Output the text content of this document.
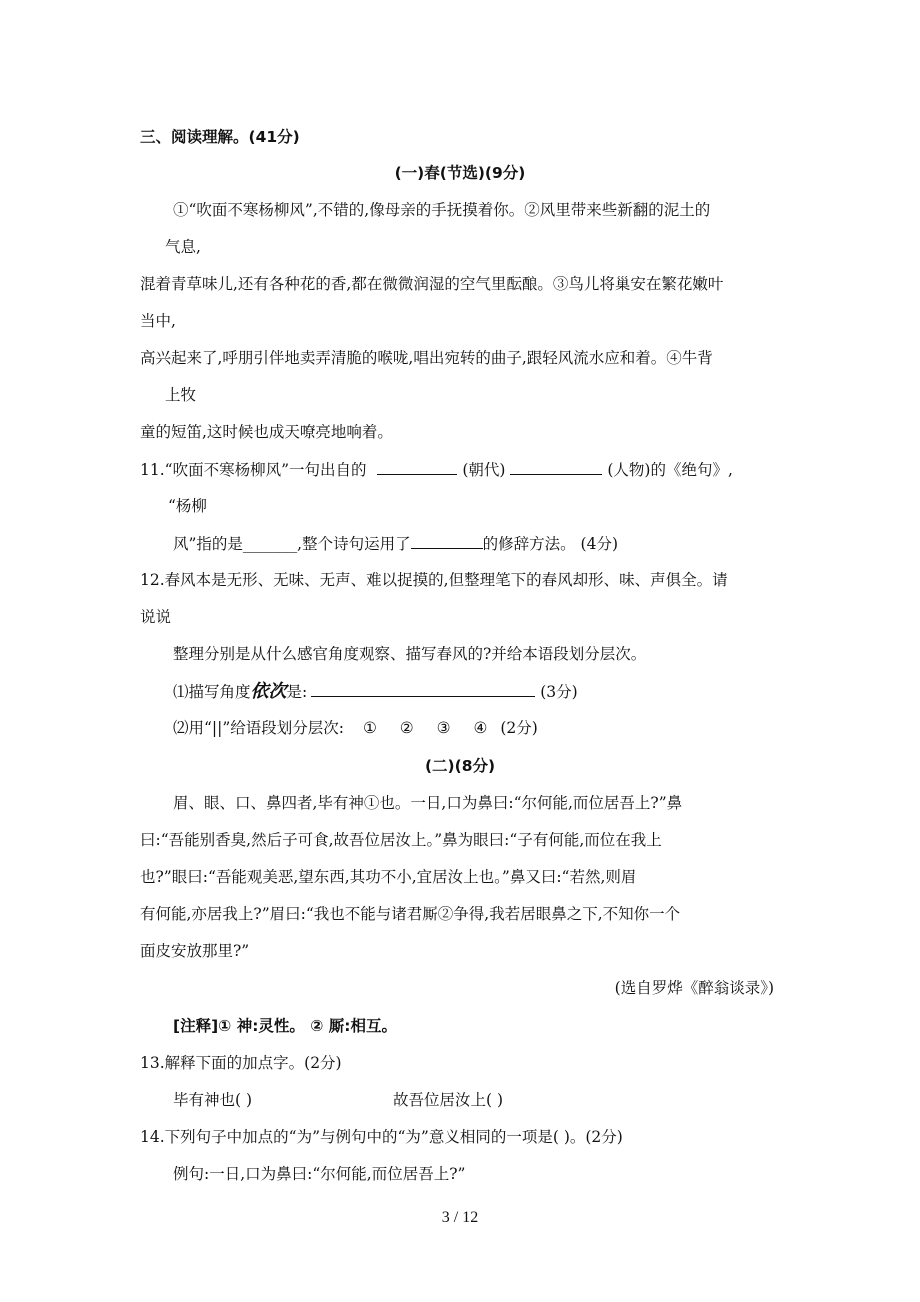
三、阅读理解。(41分)
(一)春(节选)(9分)
①“吹面不寒杨柳风”,不错的,像母亲的手抚摸着你。②风里带来些新翻的泥土的
气息,
混着青草味儿,还有各种花的香,都在微微润湿的空气里酝酿。③鸟儿将巢安在繁花嫩叶
当中,
高兴起来了,呼朋引伴地卖弄清脆的喉咙,唱出宛转的曲子,跟轻风流水应和着。④牛背
上牧
童的短笛,这时候也成天嘹亮地响着。
11.“吹面不寒杨柳风”一句出自的	(朝代)	(人物)的《绝句》,
“杨柳
风”指的是_______,整个诗句运用了	的修辞方法。 (4分)
12.春风本是无形、无味、无声、难以捉摸的,但整理笔下的春风却形、味、声俱全。请
说说
整理分别是从什么感官角度观察、描写春风的?并给本语段划分层次。
⑴描写角度依次是:	(3分)
⑵用“||”给语段划分层次: ① ② ③ ④ (2分)
(二)(8分)
眉、眼、口、鼻四者,毕有神①也。一日,口为鼻曰:“尔何能,而位居吾上?”鼻
曰:“吾能别香臭,然后子可食,故吾位居汝上。”鼻为眼曰:“子有何能,而位在我上
也?”眼曰:“吾能观美恶,望东西,其功不小,宜居汝上也。”鼻又曰:“若然,则眉
有何能,亦居我上?”眉曰:“我也不能与诸君厮②争得,我若居眼鼻之下,不知你一个
面皮安放那里?”
(选自罗烨《醉翁谈录》)
[注释]① 神:灵性。 ② 厮:相互。
13.解释下面的加点字。(2分)
毕有神也( )	故吾位居汝上( )
14.下列句子中加点的“为”与例句中的“为”意义相同的一项是( )。(2分)
例句:一日,口为鼻曰:“尔何能,而位居吾上?”
3 / 12
